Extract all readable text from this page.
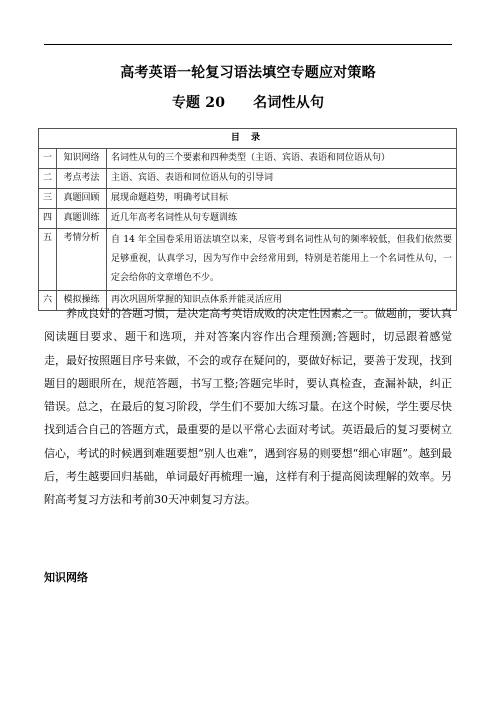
高考英语一轮复习语法填空专题应对策略
专题 20 名词性从句
目 录		
一	知识网络	名词性从句的三个要素和四种类型（主语、宾语、表语和同位语从句）
二	考点考法	主语、宾语、表语和同位语从句的引导词
三	真题回顾	展现命题趋势，明确考试目标
四	真题训练	近几年高考名词性从句专题训练
五	考情分析	自 14 年全国卷采用语法填空以来，尽管考到名词性从句的频率较低，但我们依然要足够重视，认真学习，因为写作中会经常用到，特别是若能用上一个名词性从句，一定会给你的文章增色不少。
六	模拟操练	再次巩固所掌握的知识点体系并能灵活应用

养成良好的答题习惯，是决定高考英语成败的决定性因素之一。做题前，要认真阅读题目要求、题干和选项，并对答案内容作出合理预测;答题时，切忌跟着感觉走，最好按照题目序号来做，不会的或存在疑问的，要做好标记，要善于发现，找到题目的题眼所在，规范答题，书写工整;答题完毕时，要认真检查，查漏补缺，纠正错误。总之，在最后的复习阶段，学生们不要加大练习量。在这个时候，学生要尽快找到适合自己的答题方式，最重要的是以平常心去面对考试。英语最后的复习要树立信心，考试的时候遇到难题要想“别人也难”，遇到容易的则要想“细心审题”。越到最后，考生越要回归基础，单词最好再梳理一遍，这样有利于提高阅读理解的效率。另附高考复习方法和考前30天冲刺复习方法。

知识网络
